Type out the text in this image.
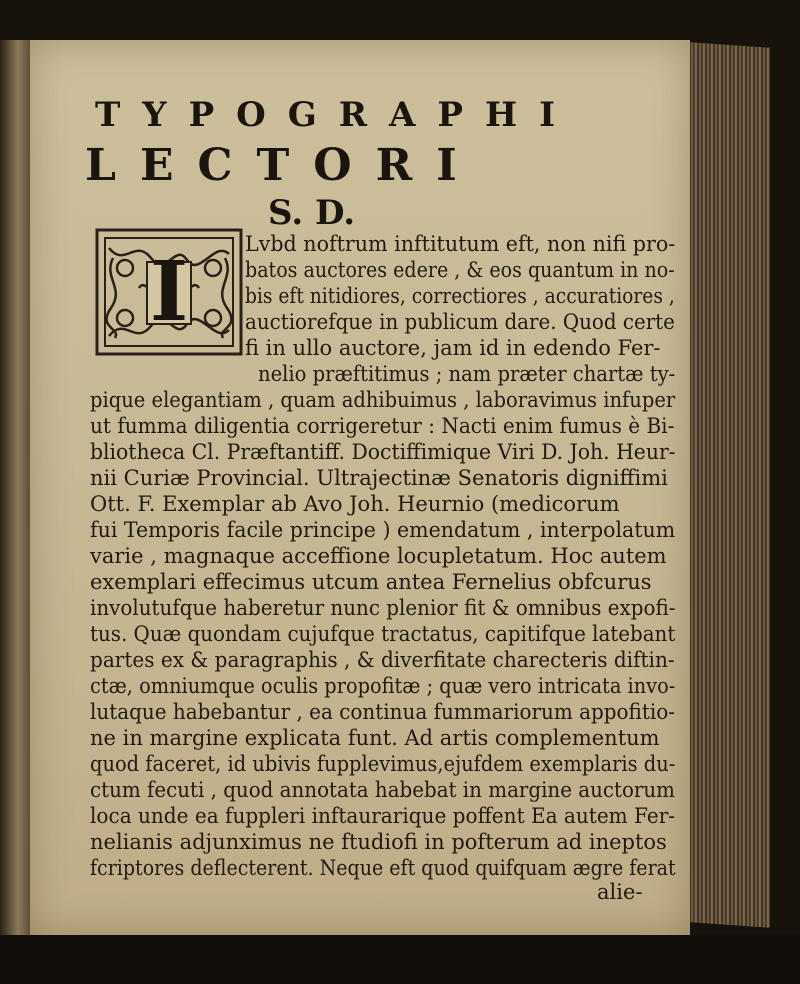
TYPOGRAPHI
LECTORI
S. D.
I	Lvbd noftrum inftitutum eft, non nifi pro-
batos auctores edere , & eos quantum in no-
bis eft nitidiores, correctiores , accuratiores ,
auctiorefque in publicum dare. Quod certe
fi in ullo auctore, jam id in edendo Fer-
nelio præftitimus ; nam præter chartæ ty-
pique elegantiam , quam adhibuimus , laboravimus infuper
ut fumma diligentia corrigeretur : Nacti enim fumus è Bi-
bliotheca Cl. Præftantiff. Doctiffimique Viri D. Joh. Heur-
nii Curiæ Provincial. Ultrajectinæ Senatoris digniffimi
Ott. F. Exemplar ab Avo Joh. Heurnio (medicorum
fui Temporis facile principe ) emendatum , interpolatum
varie , magnaque acceffione locupletatum. Hoc autem
exemplari effecimus utcum antea Fernelius obfcurus
involutufque haberetur nunc plenior fit & omnibus expofi-
tus. Quæ quondam cujufque tractatus, capitifque latebant
partes ex & paragraphis , & diverfitate charecteris diftin-
ctæ, omniumque oculis propofitæ ; quæ vero intricata invo-
lutaque habebantur , ea continua fummariorum appofitio-
ne in margine explicata funt. Ad artis complementum
quod faceret, id ubivis fupplevimus,ejufdem exemplaris du-
ctum fecuti , quod annotata habebat in margine auctorum
loca unde ea fuppleri inftaurarique poffent Ea autem Fer-
nelianis adjunximus ne ftudiofi in pofterum ad ineptos
fcriptores deflecterent. Neque eft quod quifquam ægre ferat
alie-
